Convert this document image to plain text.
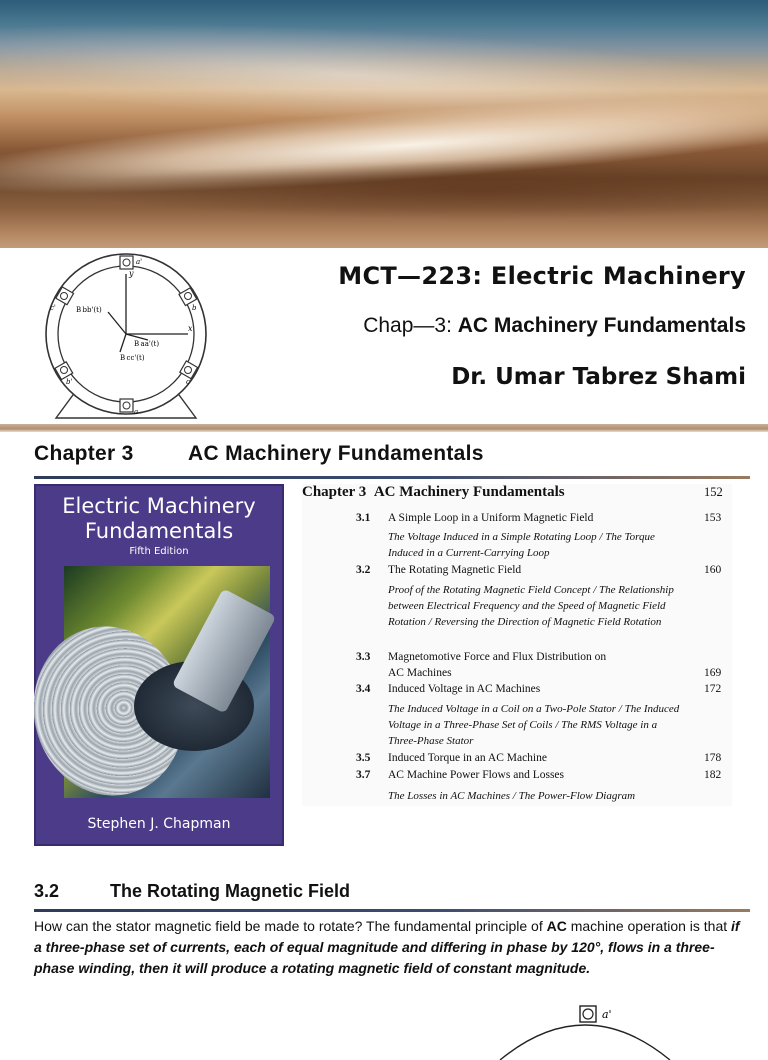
y
x
a'
a
b
c'
c'
b'
B bb'(t)
B aa'(t)
B cc'(t)
MCT—223: Electric Machinery
Chap—3: AC Machinery Fundamentals
Dr. Umar Tabrez Shami
Chapter 3	AC Machinery Fundamentals
Electric Machinery
Fundamentals
Fifth Edition
Stephen J. Chapman
Chapter 3 AC Machinery Fundamentals	152
3.1 A Simple Loop in a Uniform Magnetic Field	153
The Voltage Induced in a Simple Rotating Loop / The Torque Induced in a Current-Carrying Loop
3.2 The Rotating Magnetic Field	160
Proof of the Rotating Magnetic Field Concept / The Relationship between Electrical Frequency and the Speed of Magnetic Field Rotation / Reversing the Direction of Magnetic Field Rotation
3.3 Magnetomotive Force and Flux Distribution on
AC Machines	169
3.4 Induced Voltage in AC Machines	172
The Induced Voltage in a Coil on a Two-Pole Stator / The Induced Voltage in a Three-Phase Set of Coils / The RMS Voltage in a Three-Phase Stator
3.5 Induced Torque in an AC Machine	178
3.7 AC Machine Power Flows and Losses	182
The Losses in AC Machines / The Power-Flow Diagram
3.2	The Rotating Magnetic Field
How can the stator magnetic field be made to rotate? The fundamental principle of AC machine operation is that if a three-phase set of currents, each of equal magnitude and differing in phase by 120°, flows in a three-phase winding, then it will produce a rotating magnetic field of constant magnitude.
a'
